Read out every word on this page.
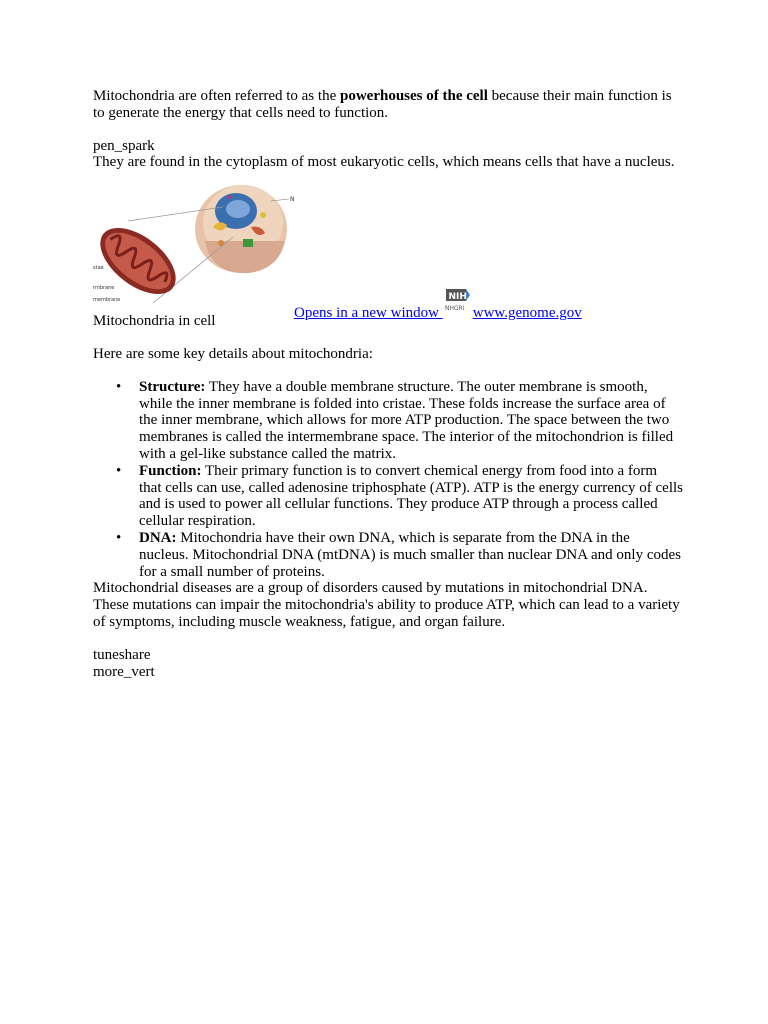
Mitochondria are often referred to as the powerhouses of the cell because their main function is to generate the energy that cells need to function.

pen_spark

They are found in the cytoplasm of most eukaryotic cells, which means cells that have a nucleus.

N
stae
rmbrane
membrane
Opens in a new window
NIH
NHGRI www.genome.gov

Mitochondria in cell

Here are some key details about mitochondria:

• Structure: They have a double membrane structure. The outer membrane is smooth, while the inner membrane is folded into cristae. These folds increase the surface area of the inner membrane, which allows for more ATP production. The space between the two membranes is called the intermembrane space. The interior of the mitochondrion is filled with a gel-like substance called the matrix.
• Function: Their primary function is to convert chemical energy from food into a form that cells can use, called adenosine triphosphate (ATP). ATP is the energy currency of cells and is used to power all cellular functions. They produce ATP through a process called cellular respiration.
• DNA: Mitochondria have their own DNA, which is separate from the DNA in the nucleus. Mitochondrial DNA (mtDNA) is much smaller than nuclear DNA and only codes for a small number of proteins.

Mitochondrial diseases are a group of disorders caused by mutations in mitochondrial DNA. These mutations can impair the mitochondria's ability to produce ATP, which can lead to a variety of symptoms, including muscle weakness, fatigue, and organ failure.

tuneshare

more_vert
